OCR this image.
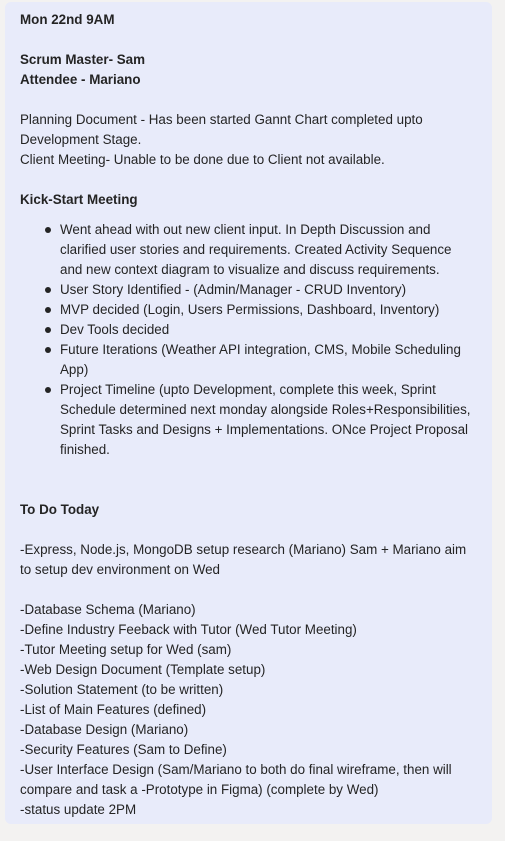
Mon 22nd 9AM

Scrum Master- Sam

Attendee - Mariano

Planning Document - Has been started Gannt Chart completed upto Development Stage.

Client Meeting- Unable to be done due to Client not available.

Kick-Start Meeting

Went ahead with out new client input. In Depth Discussion and clarified user stories and requirements. Created Activity Sequence and new context diagram to visualize and discuss requirements.
User Story Identified - (Admin/Manager - CRUD Inventory)
MVP decided (Login, Users Permissions, Dashboard, Inventory)
Dev Tools decided
Future Iterations (Weather API integration, CMS, Mobile Scheduling App)
Project Timeline (upto Development, complete this week, Sprint Schedule determined next monday alongside Roles+Responsibilities, Sprint Tasks and Designs + Implementations. ONce Project Proposal finished.

To Do Today

-Express, Node.js, MongoDB setup research (Mariano) Sam + Mariano aim to setup dev environment on Wed

-Database Schema (Mariano)

-Define Industry Feeback with Tutor (Wed Tutor Meeting)

-Tutor Meeting setup for Wed (sam)

-Web Design Document (Template setup)

-Solution Statement (to be written)

-List of Main Features (defined)

-Database Design (Mariano)

-Security Features (Sam to Define)

-User Interface Design (Sam/Mariano to both do final wireframe, then will compare and task a -Prototype in Figma) (complete by Wed)

-status update 2PM
